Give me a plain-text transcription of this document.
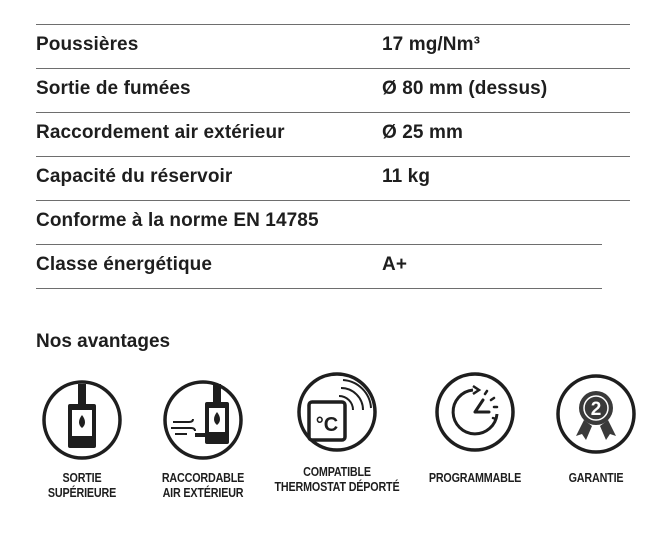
Poussières	17 mg/Nm³
Sortie de fumées	Ø 80 mm (dessus)
Raccordement air extérieur	Ø 25 mm
Capacité du réservoir	11 kg
Conforme à la norme EN 14785
Classe énergétique	A+
Nos avantages
SORTIE
SUPÉRIEURE
RACCORDABLE
AIR EXTÉRIEUR
°C
COMPATIBLE
THERMOSTAT DÉPORTÉ
PROGRAMMABLE
2
GARANTIE
